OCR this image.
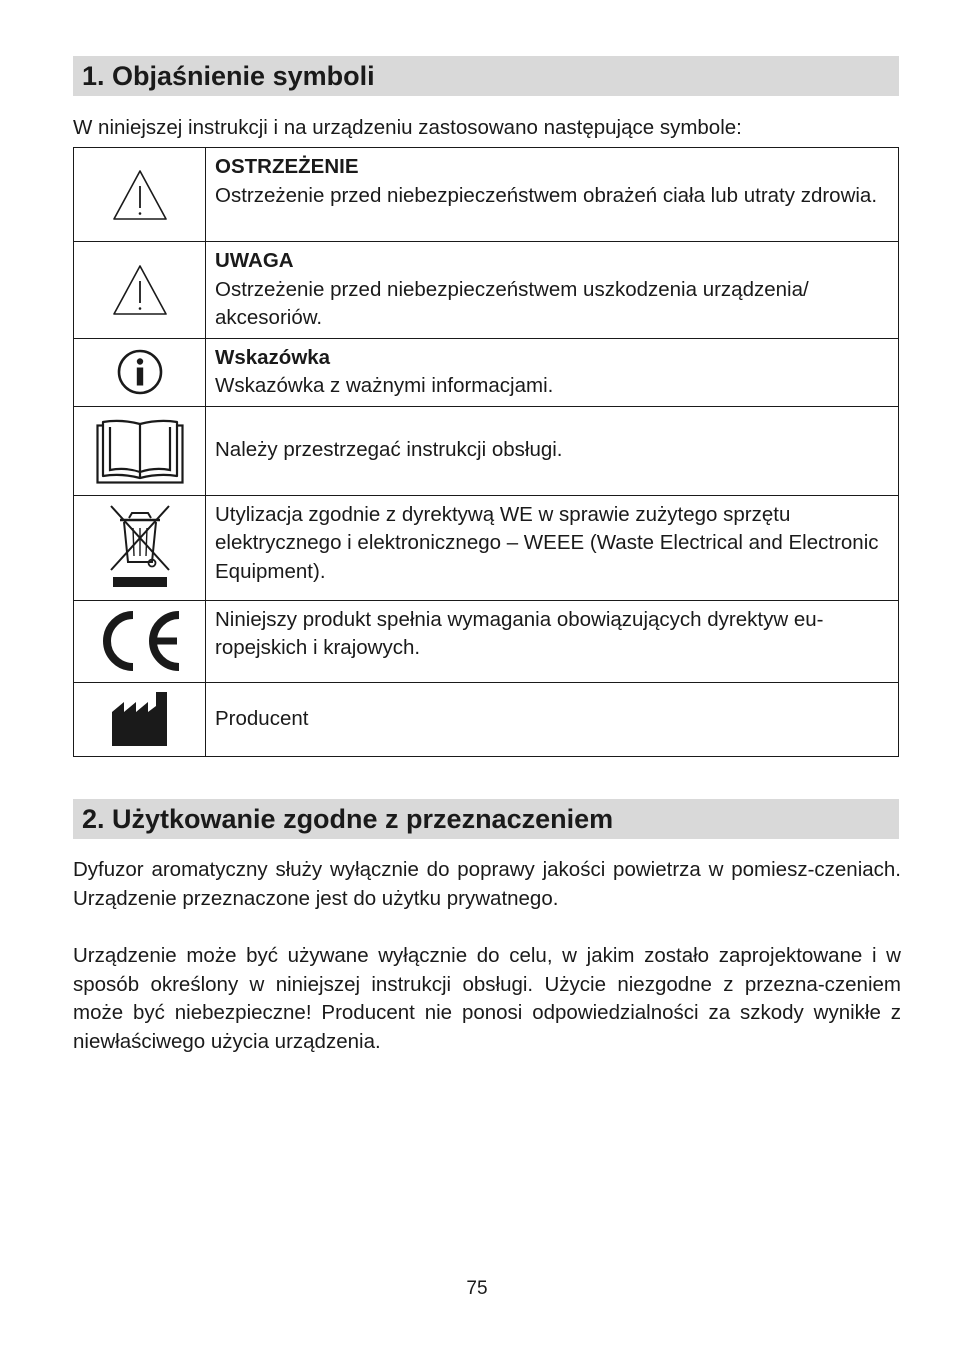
1. Objaśnienie symboli
W niniejszej instrukcji i na urządzeniu zastosowano następujące symbole:

OSTRZEŻENIE
Ostrzeżenie przed niebezpieczeństwem obrażeń ciała lub utraty zdrowia.

UWAGA
Ostrzeżenie przed niebezpieczeństwem uszkodzenia urządzenia/ akcesoriów.

Wskazówka
Wskazówka z ważnymi informacjami.

	Należy przestrzegać instrukcji obsługi.

	Utylizacja zgodnie z dyrektywą WE w sprawie zużytego sprzętu elektrycznego i elektronicznego – WEEE (Waste Electrical and Electronic Equipment).

	Niniejszy produkt spełnia wymagania obowiązujących dyrektyw eu-ropejskich i krajowych.

	Producent
2. Użytkowanie zgodne z przeznaczeniem
Dyfuzor aromatyczny służy wyłącznie do poprawy jakości powietrza w pomiesz-czeniach. Urządzenie przeznaczone jest do użytku prywatnego.
Urządzenie może być używane wyłącznie do celu, w jakim zostało zaprojektowane i w sposób określony w niniejszej instrukcji obsługi. Użycie niezgodne z przezna-czeniem może być niebezpieczne! Producent nie ponosi odpowiedzialności za szkody wynikłe z niewłaściwego użycia urządzenia.
75
